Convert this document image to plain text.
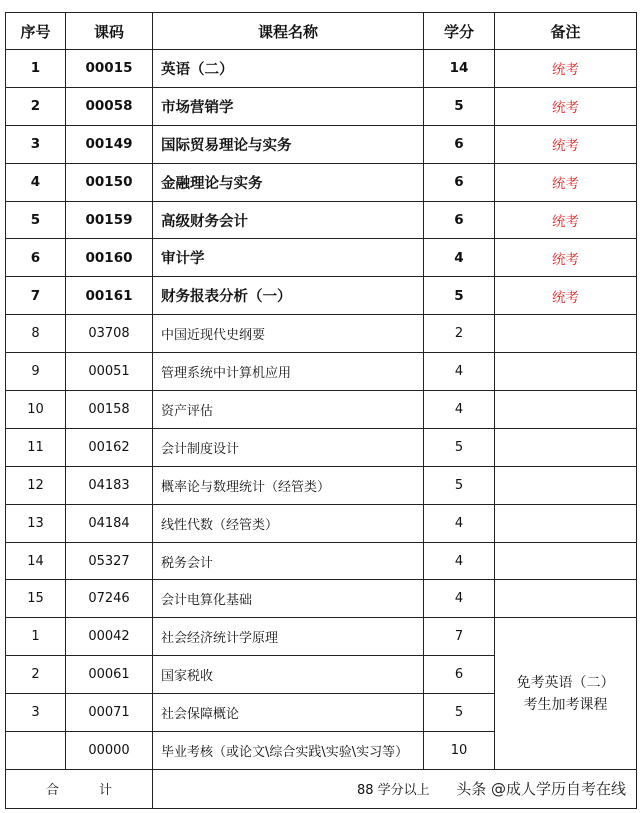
序号	课码	课程名称	学分	备注
1	00015	英语（二）	14	统考
2	00058	市场营销学	5	统考
3	00149	国际贸易理论与实务	6	统考
4	00150	金融理论与实务	6	统考
5	00159	高级财务会计	6	统考
6	00160	审计学	4	统考
7	00161	财务报表分析（一）	5	统考
8	03708	中国近现代史纲要	2	
9	00051	管理系统中计算机应用	4	
10	00158	资产评估	4	
11	00162	会计制度设计	5	
12	04183	概率论与数理统计（经管类）	5	
13	04184	线性代数（经管类）	4	
14	05327	税务会计	4	
15	07246	会计电算化基础	4	
1	00042	社会经济统计学原理	7	免考英语（二）
考生加考课程

2	00061	国家税收	6	
3	00071	社会保障概论	5	
	00000	毕业考核（或论文\综合实践\实验\实习等）	10	
合 计		88 学分以上		头条 @成人学历自考在线
